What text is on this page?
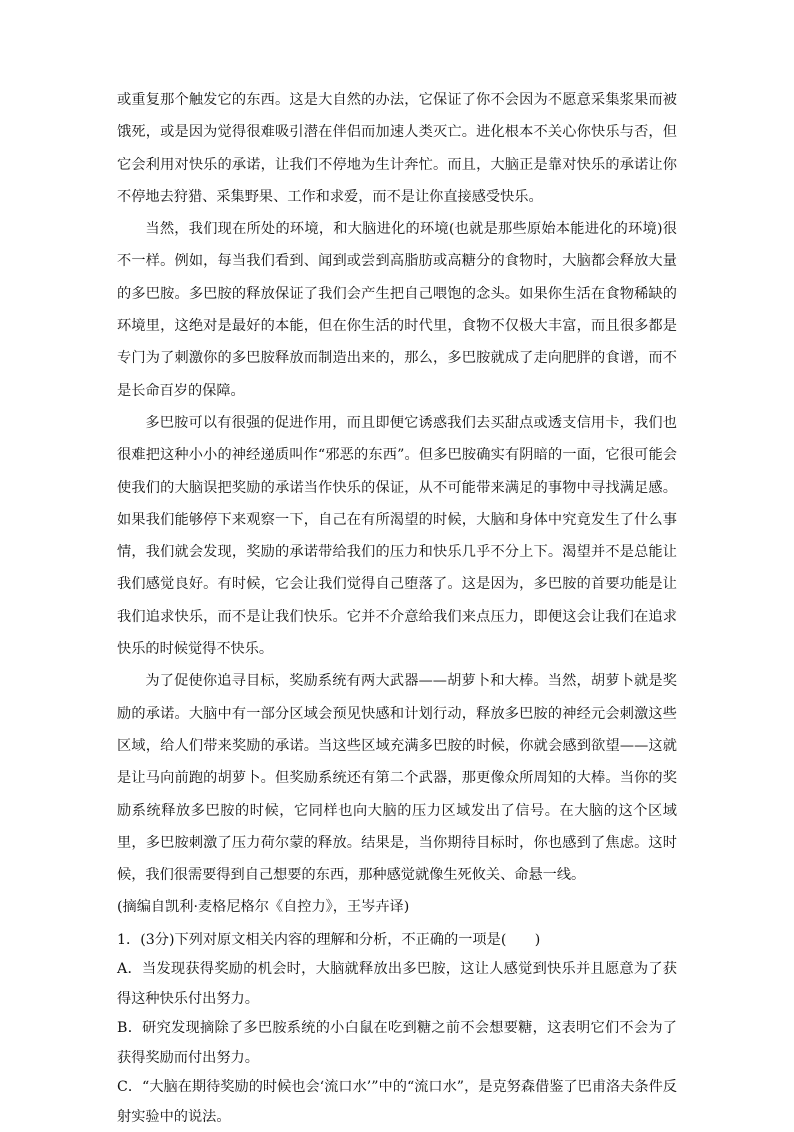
或重复那个触发它的东西。这是大自然的办法，它保证了你不会因为不愿意采集浆果而被饿死，或是因为觉得很难吸引潜在伴侣而加速人类灭亡。进化根本不关心你快乐与否，但它会利用对快乐的承诺，让我们不停地为生计奔忙。而且，大脑正是靠对快乐的承诺让你不停地去狩猎、采集野果、工作和求爱，而不是让你直接感受快乐。

当然，我们现在所处的环境，和大脑进化的环境(也就是那些原始本能进化的环境)很不一样。例如，每当我们看到、闻到或尝到高脂肪或高糖分的食物时，大脑都会释放大量的多巴胺。多巴胺的释放保证了我们会产生把自己喂饱的念头。如果你生活在食物稀缺的环境里，这绝对是最好的本能，但在你生活的时代里，食物不仅极大丰富，而且很多都是专门为了刺激你的多巴胺释放而制造出来的，那么，多巴胺就成了走向肥胖的食谱，而不是长命百岁的保障。

多巴胺可以有很强的促进作用，而且即便它诱惑我们去买甜点或透支信用卡，我们也很难把这种小小的神经递质叫作“邪恶的东西”。但多巴胺确实有阴暗的一面，它很可能会使我们的大脑误把奖励的承诺当作快乐的保证，从不可能带来满足的事物中寻找满足感。如果我们能够停下来观察一下，自己在有所渴望的时候，大脑和身体中究竟发生了什么事情，我们就会发现，奖励的承诺带给我们的压力和快乐几乎不分上下。渴望并不是总能让我们感觉良好。有时候，它会让我们觉得自己堕落了。这是因为，多巴胺的首要功能是让我们追求快乐，而不是让我们快乐。它并不介意给我们来点压力，即便这会让我们在追求快乐的时候觉得不快乐。

为了促使你追寻目标，奖励系统有两大武器——胡萝卜和大棒。当然，胡萝卜就是奖励的承诺。大脑中有一部分区域会预见快感和计划行动，释放多巴胺的神经元会刺激这些区域，给人们带来奖励的承诺。当这些区域充满多巴胺的时候，你就会感到欲望——这就是让马向前跑的胡萝卜。但奖励系统还有第二个武器，那更像众所周知的大棒。当你的奖励系统释放多巴胺的时候，它同样也向大脑的压力区域发出了信号。在大脑的这个区域里，多巴胺刺激了压力荷尔蒙的释放。结果是，当你期待目标时，你也感到了焦虑。这时候，我们很需要得到自己想要的东西，那种感觉就像生死攸关、命悬一线。

(摘编自凯利·麦格尼格尔《自控力》，王岑卉译)

1．(3分)下列对原文相关内容的理解和分析，不正确的一项是(　　)

A．当发现获得奖励的机会时，大脑就释放出多巴胺，这让人感觉到快乐并且愿意为了获得这种快乐付出努力。

B．研究发现摘除了多巴胺系统的小白鼠在吃到糖之前不会想要糖，这表明它们不会为了获得奖励而付出努力。

C．“大脑在期待奖励的时候也会‘流口水’”中的“流口水”，是克努森借鉴了巴甫洛夫条件反射实验中的说法。
